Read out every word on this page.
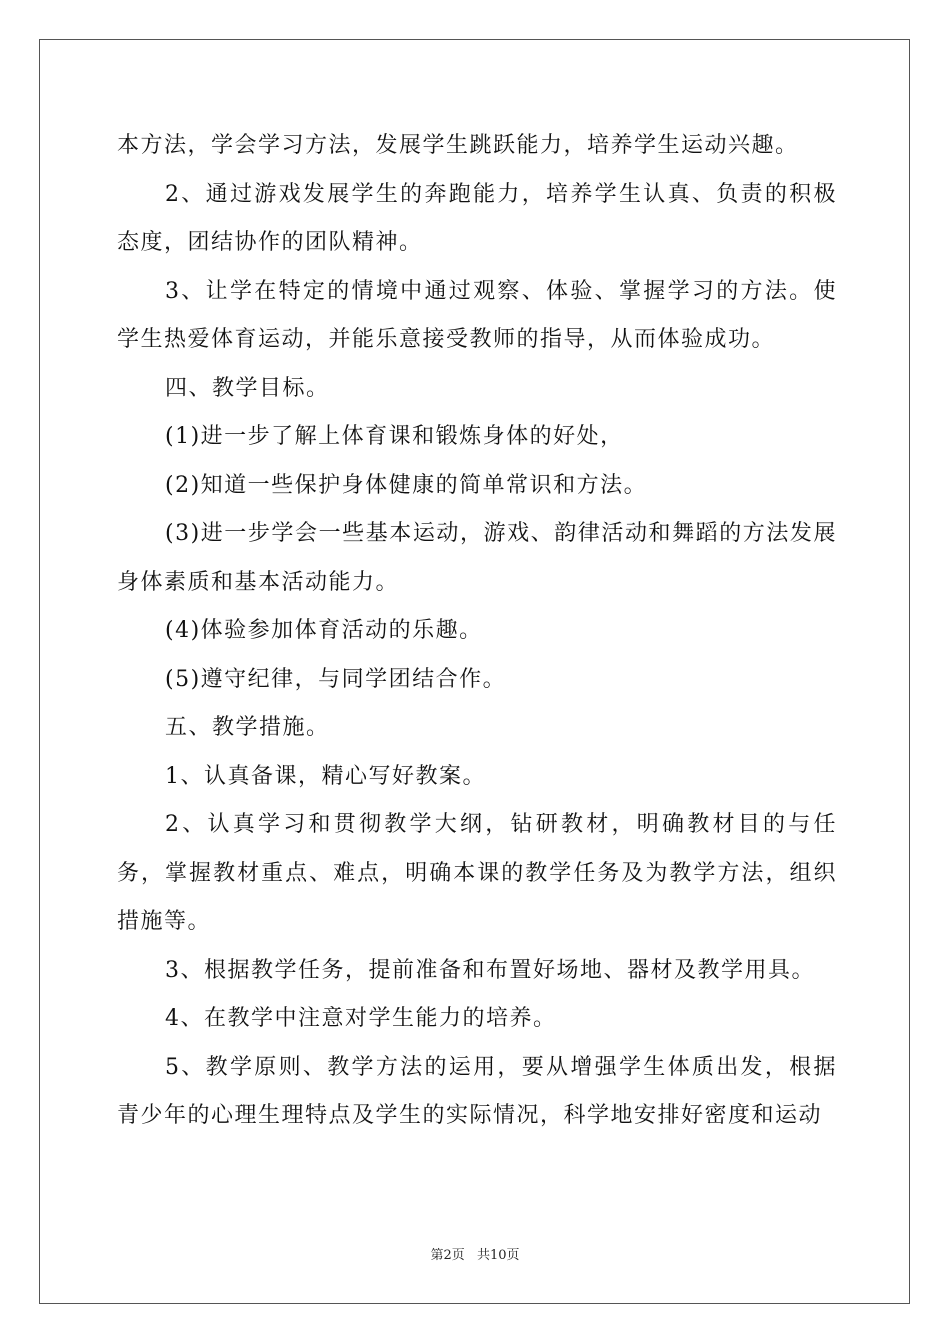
本方法，学会学习方法，发展学生跳跃能力，培养学生运动兴趣。

2、通过游戏发展学生的奔跑能力，培养学生认真、负责的积极态度，团结协作的团队精神。

3、让学在特定的情境中通过观察、体验、掌握学习的方法。使学生热爱体育运动，并能乐意接受教师的指导，从而体验成功。

四、教学目标。

(1)进一步了解上体育课和锻炼身体的好处，

(2)知道一些保护身体健康的简单常识和方法。

(3)进一步学会一些基本运动，游戏、韵律活动和舞蹈的方法发展身体素质和基本活动能力。

(4)体验参加体育活动的乐趣。

(5)遵守纪律，与同学团结合作。

五、教学措施。

1、认真备课，精心写好教案。

2、认真学习和贯彻教学大纲，钻研教材，明确教材目的与任务，掌握教材重点、难点，明确本课的教学任务及为教学方法，组织措施等。

3、根据教学任务，提前准备和布置好场地、器材及教学用具。

4、在教学中注意对学生能力的培养。

5、教学原则、教学方法的运用，要从增强学生体质出发，根据青少年的心理生理特点及学生的实际情况，科学地安排好密度和运动

第2页 共10页
